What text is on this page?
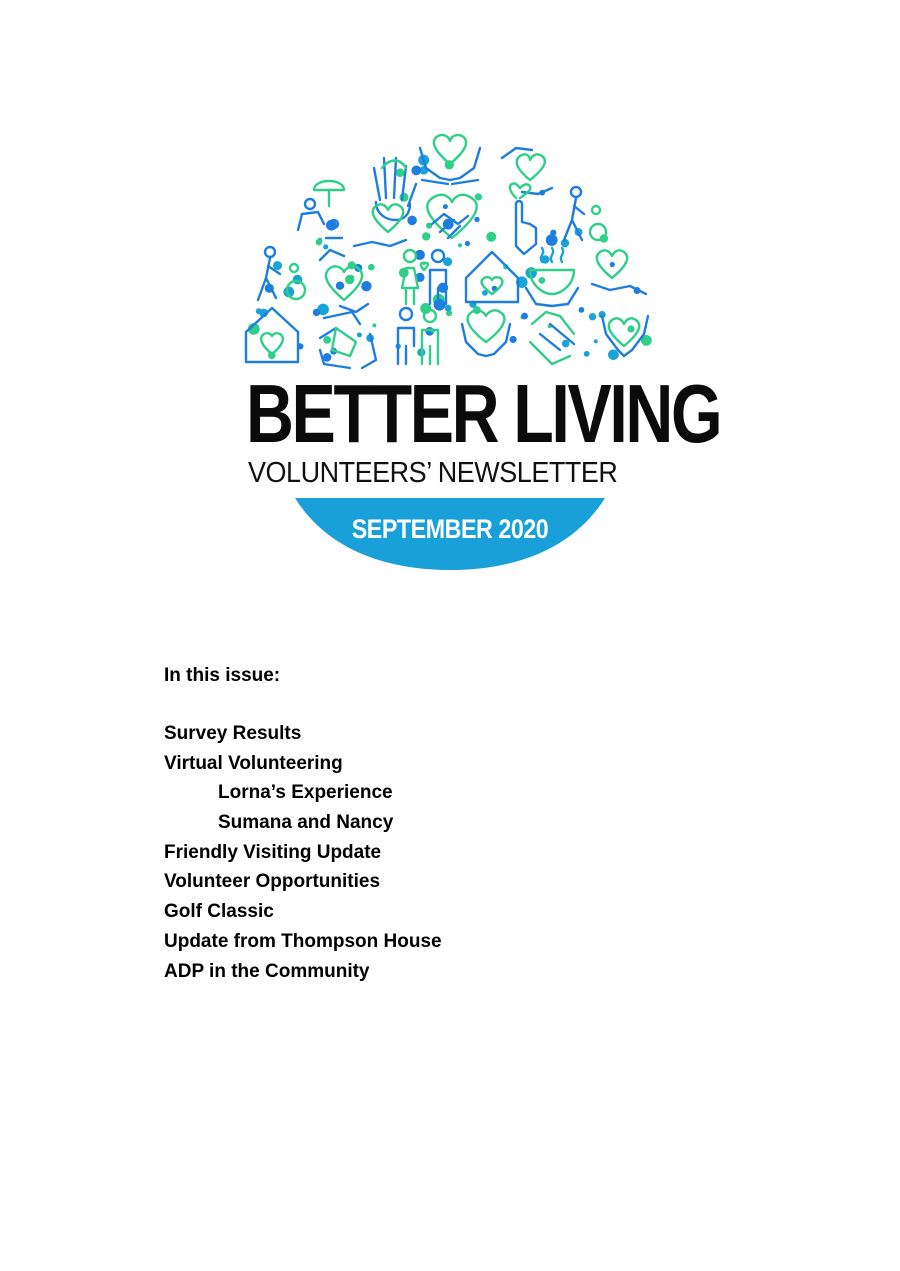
BETTER LIVING
VOLUNTEERS’ NEWSLETTER
SEPTEMBER 2020
In this issue:
Survey Results
Virtual Volunteering
Lorna’s Experience
Sumana and Nancy
Friendly Visiting Update
Volunteer Opportunities
Golf Classic
Update from Thompson House
ADP in the Community
